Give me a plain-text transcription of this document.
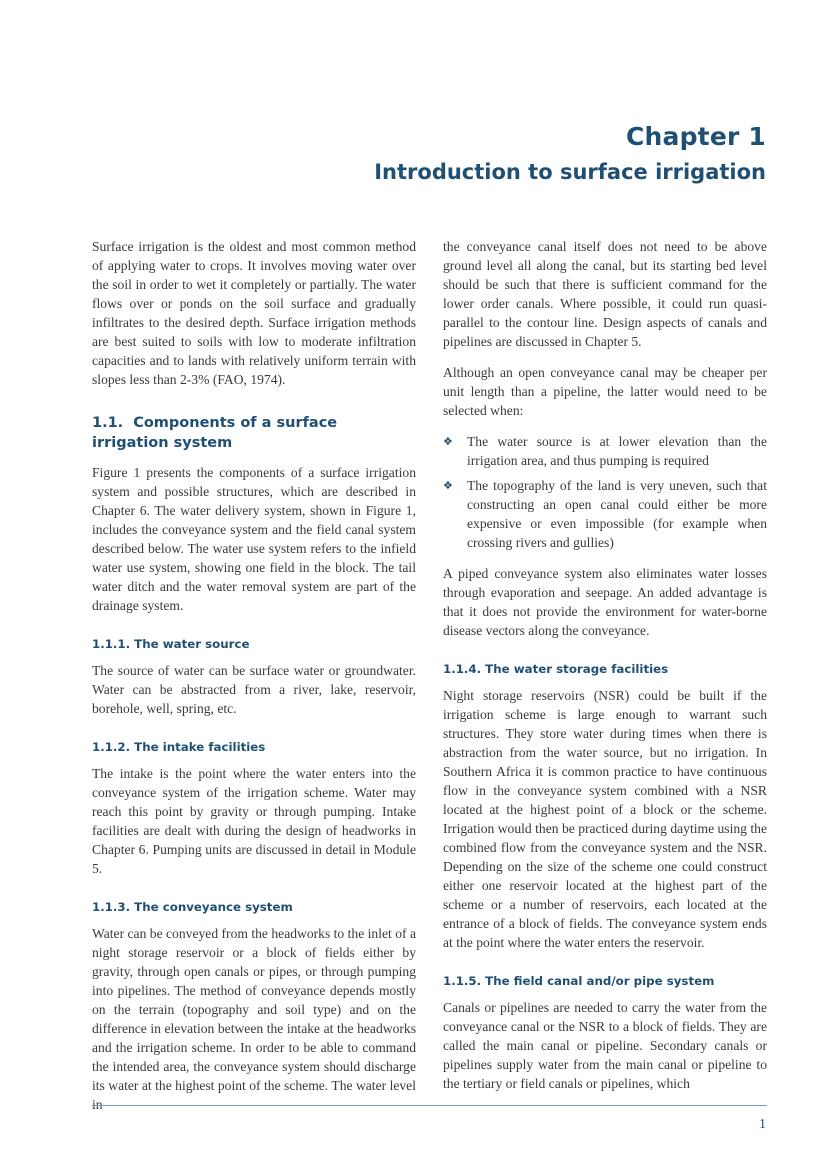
Chapter 1
Introduction to surface irrigation

Surface irrigation is the oldest and most common method of applying water to crops. It involves moving water over the soil in order to wet it completely or partially. The water flows over or ponds on the soil surface and gradually infiltrates to the desired depth. Surface irrigation methods are best suited to soils with low to moderate infiltration capacities and to lands with relatively uniform terrain with slopes less than 2-3% (FAO, 1974).

1.1. Components of a surface irrigation system

Figure 1 presents the components of a surface irrigation system and possible structures, which are described in Chapter 6. The water delivery system, shown in Figure 1, includes the conveyance system and the field canal system described below. The water use system refers to the infield water use system, showing one field in the block. The tail water ditch and the water removal system are part of the drainage system.

1.1.1. The water source

The source of water can be surface water or groundwater. Water can be abstracted from a river, lake, reservoir, borehole, well, spring, etc.

1.1.2. The intake facilities

The intake is the point where the water enters into the conveyance system of the irrigation scheme. Water may reach this point by gravity or through pumping. Intake facilities are dealt with during the design of headworks in Chapter 6. Pumping units are discussed in detail in Module 5.

1.1.3. The conveyance system

Water can be conveyed from the headworks to the inlet of a night storage reservoir or a block of fields either by gravity, through open canals or pipes, or through pumping into pipelines. The method of conveyance depends mostly on the terrain (topography and soil type) and on the difference in elevation between the intake at the headworks and the irrigation scheme. In order to be able to command the intended area, the conveyance system should discharge its water at the highest point of the scheme. The water level

the conveyance canal itself does not need to be above ground level all along the canal, but its starting bed level should be such that there is sufficient command for the lower order canals. Where possible, it could run quasi-parallel to the contour line. Design aspects of canals and pipelines are discussed in Chapter 5.

Although an open conveyance canal may be cheaper per unit length than a pipeline, the latter would need to be selected when:

❖ The water source is at lower elevation than the irrigation area, and thus pumping is required

❖ The topography of the land is very uneven, such that constructing an open canal could either be more expensive or even impossible (for example when crossing rivers and gullies)

A piped conveyance system also eliminates water losses through evaporation and seepage. An added advantage is that it does not provide the environment for water-borne disease vectors along the conveyance.

1.1.4. The water storage facilities

Night storage reservoirs (NSR) could be built if the irrigation scheme is large enough to warrant such structures. They store water during times when there is abstraction from the water source, but no irrigation. In Southern Africa it is common practice to have continuous flow in the conveyance system combined with a NSR located at the highest point of a block or the scheme. Irrigation would then be practiced during daytime using the combined flow from the conveyance system and the NSR. Depending on the size of the scheme one could construct either one reservoir located at the highest part of the scheme or a number of reservoirs, each located at the entrance of a block of fields. The conveyance system ends at the point where the water enters the reservoir.

1.1.5. The field canal and/or pipe system

Canals or pipelines are needed to carry the water from the conveyance canal or the NSR to a block of fields. They are called the main canal or pipeline. Secondary canals or pipelines supply water from the main canal or pipeline to the tertiary or field canals or pipelines, which

1
